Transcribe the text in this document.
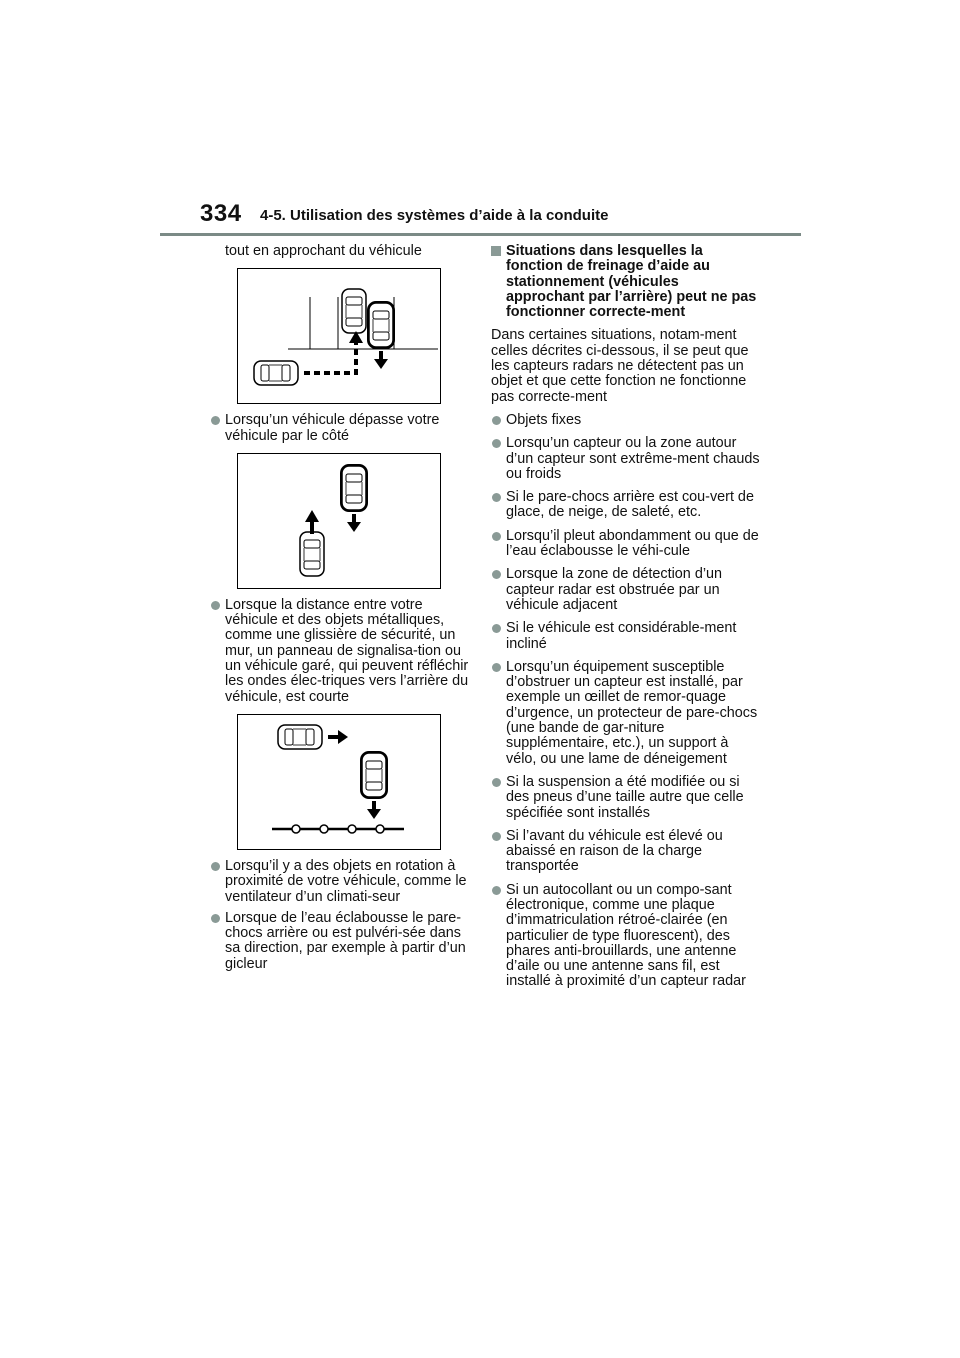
334 4-5. Utilisation des systèmes d’aide à la conduite

tout en approchant du véhicule

Lorsqu’un véhicule dépasse votre véhicule par le côté

Lorsque la distance entre votre véhicule et des objets métalliques, comme une glissière de sécurité, un mur, un panneau de signalisa-tion ou un véhicule garé, qui peuvent réfléchir les ondes élec-triques vers l’arrière du véhicule, est courte

Lorsqu’il y a des objets en rotation à proximité de votre véhicule, comme le ventilateur d’un climati-seur

Lorsque de l’eau éclabousse le pare-chocs arrière ou est pulvéri-sée dans sa direction, par exemple à partir d’un gicleur

Situations dans lesquelles la fonction de freinage d’aide au stationnement (véhicules approchant par l’arrière) peut ne pas fonctionner correcte-ment

Dans certaines situations, notam-ment celles décrites ci-dessous, il se peut que les capteurs radars ne détectent pas un objet et que cette fonction ne fonctionne pas correcte-ment

Objets fixes

Lorsqu’un capteur ou la zone autour d’un capteur sont extrême-ment chauds ou froids

Si le pare-chocs arrière est cou-vert de glace, de neige, de saleté, etc.

Lorsqu’il pleut abondamment ou que de l’eau éclabousse le véhi-cule

Lorsque la zone de détection d’un capteur radar est obstruée par un véhicule adjacent

Si le véhicule est considérable-ment incliné

Lorsqu’un équipement susceptible d’obstruer un capteur est installé, par exemple un œillet de remor-quage d’urgence, un protecteur de pare-chocs (une bande de gar-niture supplémentaire, etc.), un support à vélo, ou une lame de déneigement

Si la suspension a été modifiée ou si des pneus d’une taille autre que celle spécifiée sont installés

Si l’avant du véhicule est élevé ou abaissé en raison de la charge transportée

Si un autocollant ou un compo-sant électronique, comme une plaque d’immatriculation rétroé-clairée (en particulier de type fluorescent), des phares anti-brouillards, une antenne d’aile ou une antenne sans fil, est installé à proximité d’un capteur radar
